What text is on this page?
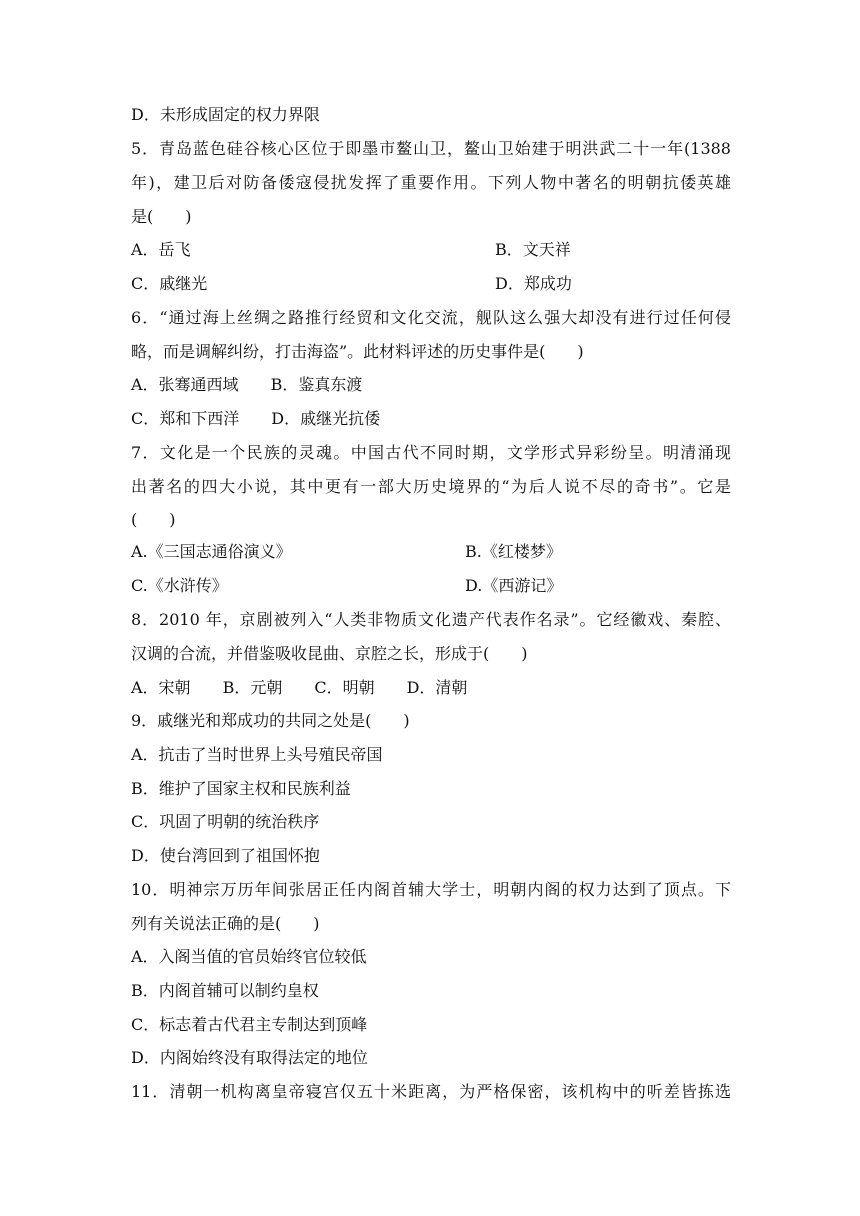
D．未形成固定的权力界限
5．青岛蓝色硅谷核心区位于即墨市鳌山卫，鳌山卫始建于明洪武二十一年(1388
年)，建卫后对防备倭寇侵扰发挥了重要作用。下列人物中著名的明朝抗倭英雄
是(　　)
A．岳飞	B．文天祥
C．戚继光	D．郑成功
6．“通过海上丝绸之路推行经贸和文化交流，舰队这么强大却没有进行过任何侵
略，而是调解纠纷，打击海盗”。此材料评述的历史事件是(　　)
A．张骞通西域 B．鉴真东渡
C．郑和下西洋 D．戚继光抗倭
7．文化是一个民族的灵魂。中国古代不同时期，文学形式异彩纷呈。明清涌现
出著名的四大小说，其中更有一部大历史境界的“为后人说不尽的奇书”。它是
(　　)
A.《三国志通俗演义》	B.《红楼梦》
C.《水浒传》	D.《西游记》
8．2010 年，京剧被列入“人类非物质文化遗产代表作名录”。它经徽戏、秦腔、
汉调的合流，并借鉴吸收昆曲、京腔之长，形成于(　　)
A．宋朝 B．元朝 C．明朝 D．清朝
9．戚继光和郑成功的共同之处是(　　)
A．抗击了当时世界上头号殖民帝国
B．维护了国家主权和民族利益
C．巩固了明朝的统治秩序
D．使台湾回到了祖国怀抱
10．明神宗万历年间张居正任内阁首辅大学士，明朝内阁的权力达到了顶点。下
列有关说法正确的是(　　)
A．入阁当值的官员始终官位较低
B．内阁首辅可以制约皇权
C．标志着古代君主专制达到顶峰
D．内阁始终没有取得法定的地位
11．清朝一机构离皇帝寝宫仅五十米距离，为严格保密，该机构中的听差皆拣选
